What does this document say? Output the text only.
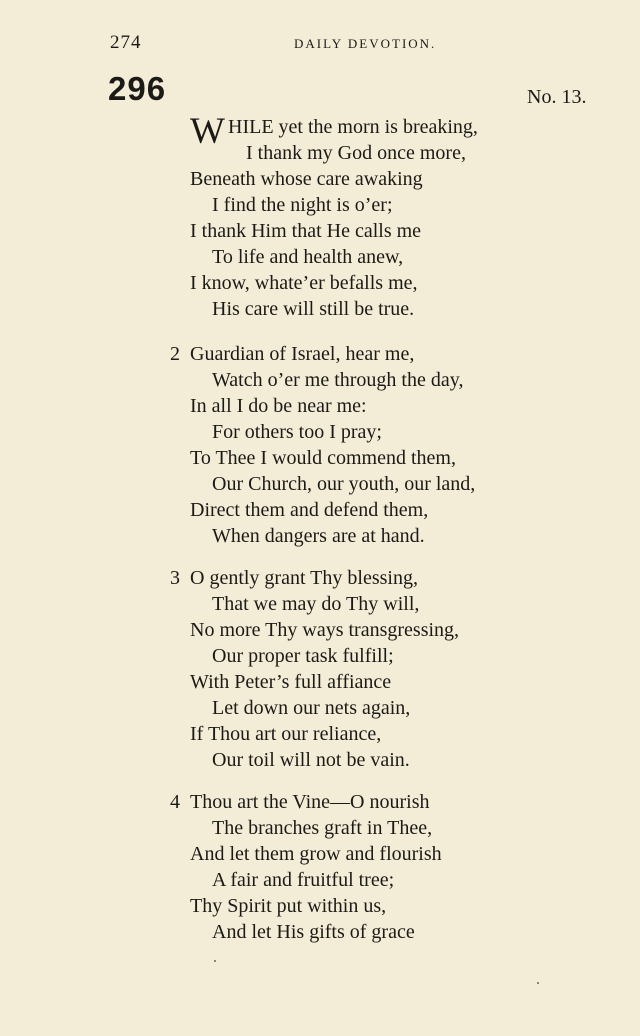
274	DAILY DEVOTION.
296	No. 13.
W HILE yet the morn is breaking,
I thank my God once more,
Beneath whose care awaking
I find the night is o’er;
I thank Him that He calls me
To life and health anew,
I know, whate’er befalls me,
His care will still be true.
2 Guardian of Israel, hear me,
Watch o’er me through the day,
In all I do be near me:
For others too I pray;
To Thee I would commend them,
Our Church, our youth, our land,
Direct them and defend them,
When dangers are at hand.
3 O gently grant Thy blessing,
That we may do Thy will,
No more Thy ways transgressing,
Our proper task fulfill;
With Peter’s full affiance
Let down our nets again,
If Thou art our reliance,
Our toil will not be vain.
4 Thou art the Vine—O nourish
The branches graft in Thee,
And let them grow and flourish
A fair and fruitful tree;
Thy Spirit put within us,
And let His gifts of grace
